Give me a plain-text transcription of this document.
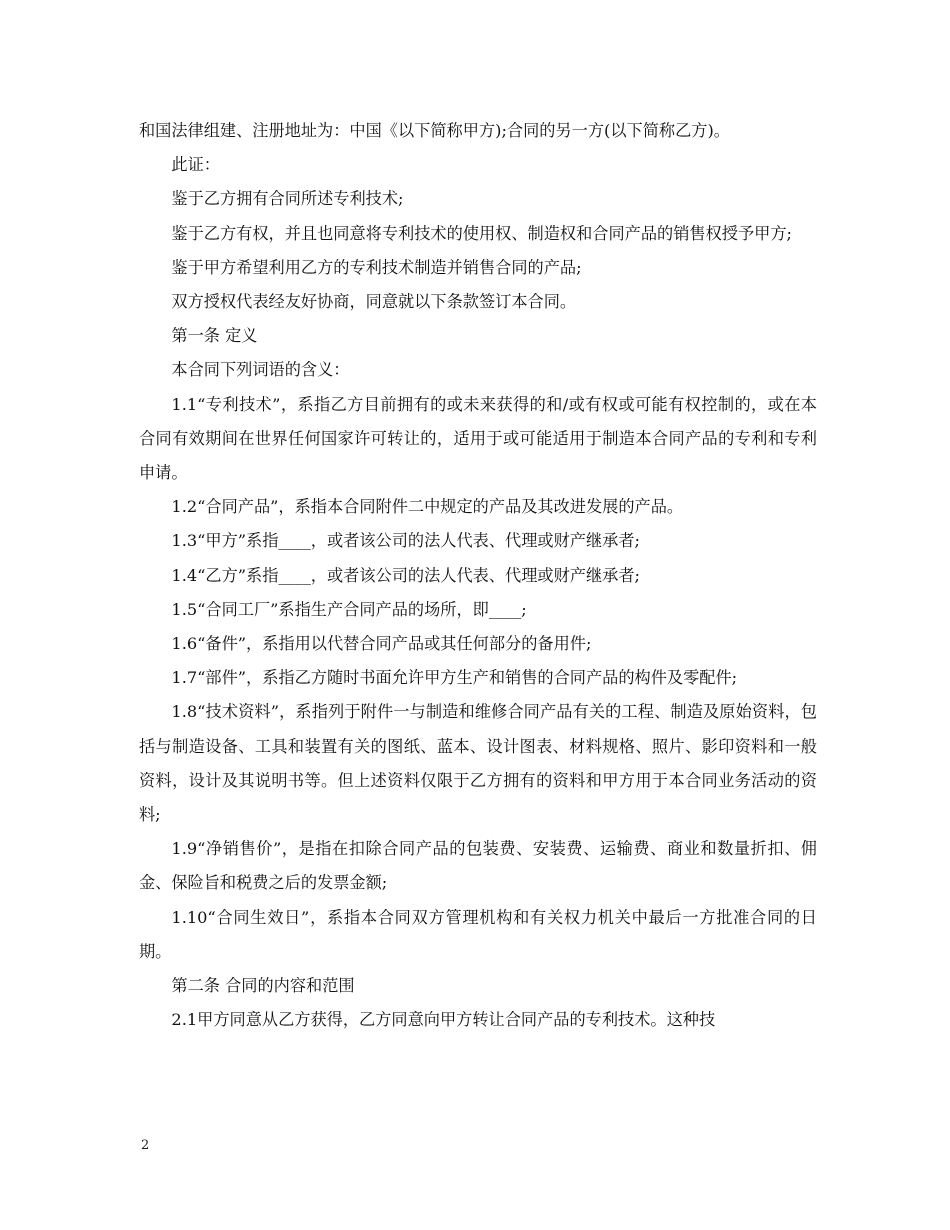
和国法律组建、注册地址为：中国《以下简称甲方);合同的另一方(以下简称乙方)。

此证：

鉴于乙方拥有合同所述专利技术;

鉴于乙方有权，并且也同意将专利技术的使用权、制造权和合同产品的销售权授予甲方;

鉴于甲方希望利用乙方的专利技术制造并销售合同的产品;

双方授权代表经友好协商，同意就以下条款签订本合同。

第一条 定义

本合同下列词语的含义：

1.1“专利技术”，系指乙方目前拥有的或未来获得的和/或有权或可能有权控制的，或在本合同有效期间在世界任何国家许可转让的，适用于或可能适用于制造本合同产品的专利和专利申请。

1.2“合同产品”，系指本合同附件二中规定的产品及其改进发展的产品。

1.3“甲方”系指____，或者该公司的法人代表、代理或财产继承者;

1.4“乙方”系指____，或者该公司的法人代表、代理或财产继承者;

1.5“合同工厂”系指生产合同产品的场所，即____;

1.6“备件”，系指用以代替合同产品或其任何部分的备用件;

1.7“部件”，系指乙方随时书面允许甲方生产和销售的合同产品的构件及零配件;

1.8“技术资料”，系指列于附件一与制造和维修合同产品有关的工程、制造及原始资料，包括与制造设备、工具和装置有关的图纸、蓝本、设计图表、材料规格、照片、影印资料和一般资料，设计及其说明书等。但上述资料仅限于乙方拥有的资料和甲方用于本合同业务活动的资料;

1.9“净销售价”，是指在扣除合同产品的包装费、安装费、运输费、商业和数量折扣、佣金、保险旨和税费之后的发票金额;

1.10“合同生效日”，系指本合同双方管理机构和有关权力机关中最后一方批准合同的日期。

第二条 合同的内容和范围

2.1甲方同意从乙方获得，乙方同意向甲方转让合同产品的专利技术。这种技

2
